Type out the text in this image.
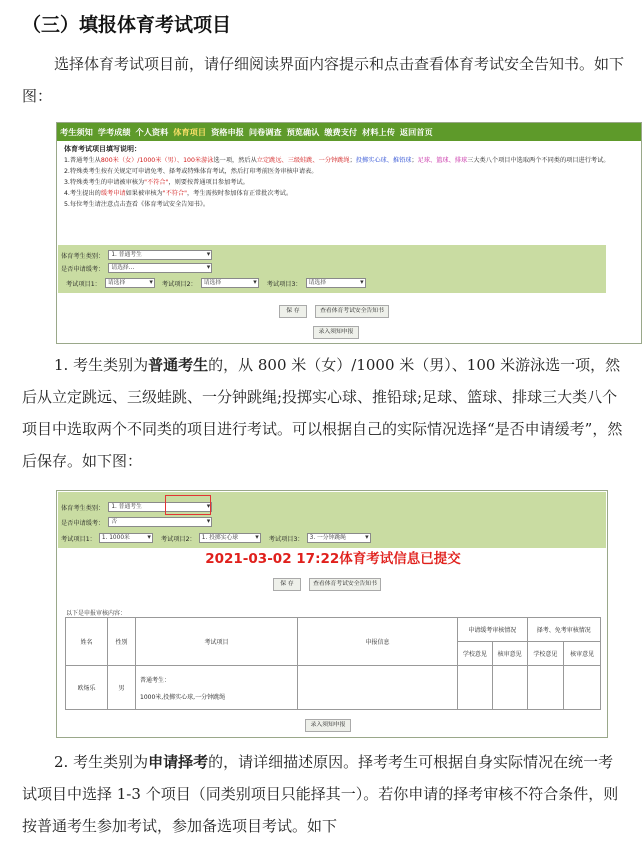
（三）填报体育考试项目
选择体育考试项目前，请仔细阅读界面内容提示和点击查看体育考试安全告知书。如下图：
考生须知 学考成绩 个人资料 体育项目 资格申报 问卷调查 预览确认 缴费支付 材料上传 返回首页
体育考试项目填写说明：
1.普通考生从800米（女）/1000米（男）、100米游泳选一项，然后从立定跳远、三级蛙跳、一分钟跳绳；投掷实心球、推铅球；足球、篮球、排球三大类八个项目中选取两个不同类的项目进行考试。
2.特殊类考生按有关规定可申请免考、择考或特殊体育考试，然后打印考前医务审核申请表。
3.特殊类考生的申请被审核为"不符合"，则要按普通项目参加考试。
4.考生提出的缓考申请如果被审核为"不符合"，考生需按时参加体育正常批次考试。
5.每位考生请注意点击查看《体育考试安全告知书》。
体育考生类别：	1. 普通考生 ▾
是否申请缓考：	请选择... ▾
考试项目1：	请选择 ▾	考试项目2：	请选择 ▾	考试项目3：	请选择 ▾
保 存	查看体育考试安全告知书
录入须知申报
1. 考生类别为普通考生的，从 800 米（女）/1000 米（男）、100 米游泳选一项，然后从立定跳远、三级蛙跳、一分钟跳绳;投掷实心球、推铅球;足球、篮球、排球三大类八个项目中选取两个不同类的项目进行考试。可以根据自己的实际情况选择“是否申请缓考”，然后保存。如下图：
体育考生类别：	1. 普通考生 ▾
是否申请缓考：	否 ▾
考试项目1：	1. 1000米 ▾	考试项目2：	1. 投掷实心球 ▾	考试项目3：	3. 一分钟跳绳 ▾
2021-03-02 17:22体育考试信息已提交
保 存	查看体育考试安全告知书
以下是申报审核内容：
姓名	性别	考试项目	申报信息	申请缓考审核情况		择考、免考审核情况	
				学校意见	核审意见	学校意见	核审意见
欧炀乐	男	普通考生：
1000米,投掷实心球,一分钟跳绳					

录入须知申报
2. 考生类别为申请择考的，请详细描述原因。择考考生可根据自身实际情况在统一考试项目中选择 1-3 个项目（同类别项目只能择其一）。若你申请的择考审核不符合条件，则按普通考生参加考试，参加备选项目考试。如下
